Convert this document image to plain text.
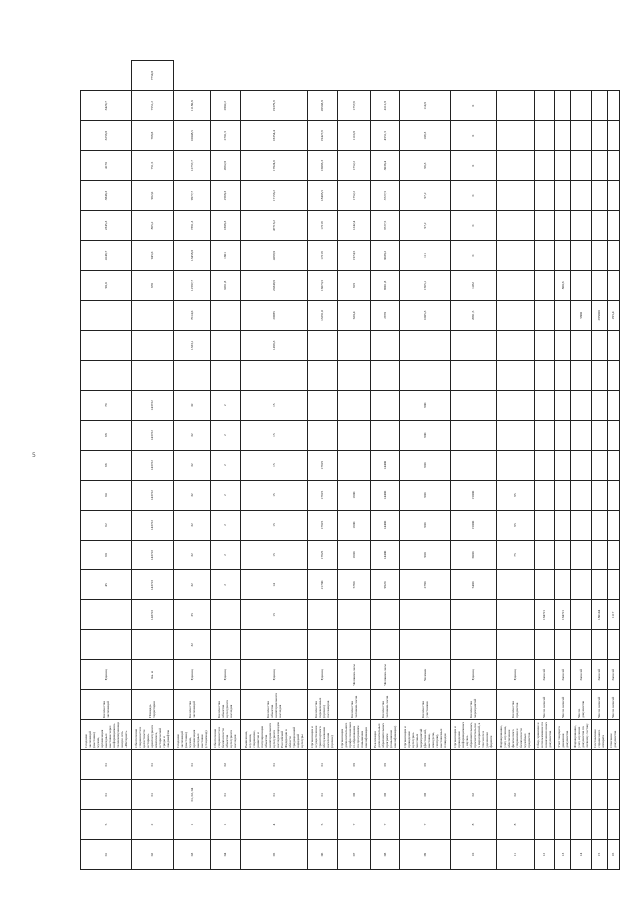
5
01	5	01	01	Создание экспозиций (выставок) музеев, организация выездных выставок через информационно-телекоммуникационную сеть «Интернет»	Количество экспозиций	Единиц			45	60	62	64	66	68	70				90,0	4146,7	2345,3	3846,3	4170	3256,8	3429,7	
02	2	01	01	Обеспечение сохранности и целостности историко-архитектурного комплекса, исторической среды и ландшафтов	Площадь территории	Кв. м		143722	143722	143722	143722	143722	143722	143722	143722				935	945,6	865,2	962,0	751,5	768,8	7551,2	7754,8
03	1	01, 02, 04	01	Создание экспозиций (выставок) музеев, организация выездных выставок (стационар)	Количество экспозиций	Единиц	32	35	32	32	32	32	32	32	32		1333,1	7014,6	12587,7	13458,8	7391,3	9977,7	12757,7	10048,5	11180,8	
04	1	01	02	Обеспечение сохранности и безопасности объектов культурного наследия	Количество объектов культурного наследия	Единиц			2	2	2	2	2	2	2				3261,8	1601	1808,3	2568,3	2662,8	2701,5	2802,2	
05	4	01	01	Выявление, изучение, сохранение, развитие и популяризация объектов нематериального культурного наследия народов Российской Федерации в области традиционной народной культуры	Количество объектов нематериального наследия	Единиц		15	14	15	15	15	15	15	15		1456,3	20985	20349,9	4299,9	47716,2	17156,2	17824,6	18354,4	19379,9	
06	5	01	01	Организация и осуществление транспортного обслуживания населения (прочие)	Количество перевезенных (прочих) пассажиров	Единиц			21700	17925	17925	17925	17925					13291,6	16073,5	17219	17219	18405,5	16093,3	19427,9	20503,8	
07	7	08	05	Организация дополнительного профессионального образования по программам повышения квалификации	Количество человеко-часов	Человеко-часы			5760	1600	1600	1600						620,4	819	1974,5	1242,4	1752,2	1752,2	1110,8	1757,6	
08	7	08	05	Реализация дополнительных образовательных программ (повышение квалификации)	Количество человеко-часов	Человеко-часы			9920	14400	14400	14400	14400					2970	9061,8	3038,2	3727,5	3727,5	3036,4	4551,5	4112,8	
09	7	08	05	Организация и проведение культурно-массовых мероприятий (фестивалей, выставок, конкурсов, смотров), выставочных площадок	Количество участников	Человек			2780	900	900	900	900	900	900			1005,3	1565,1	111	97,2	97,2	96,3	109,3	114,9	
10	8	02		Организация и проведение информационных, научно-образовательных, просветительских мероприятий, в том числе в удаленном формате	Количество мероприятий	Единиц			5400	6000	15000	15000						2091,5	1452	0	0	0	0	0	0	
11	8	02		Формирование, учет, изучение, обеспечение физического сохранения и безопасности музейных предметов	Количество предметов	Единиц				75	95	95														
12				Сбор, хранение и использование по назначению иных документов	Число записей	Записей		164721																		
13				Учет текущего движения документов	Число записей	Записей		164721											800,6							
14				Формирование, учет, изучение документов по личному составу	Число документов	Записей												5800								
15				Составление справочного аппарата	Число записей	Записей		180144										285000								
16				Описание документов	Число записей	Записей		1117										295,4								
